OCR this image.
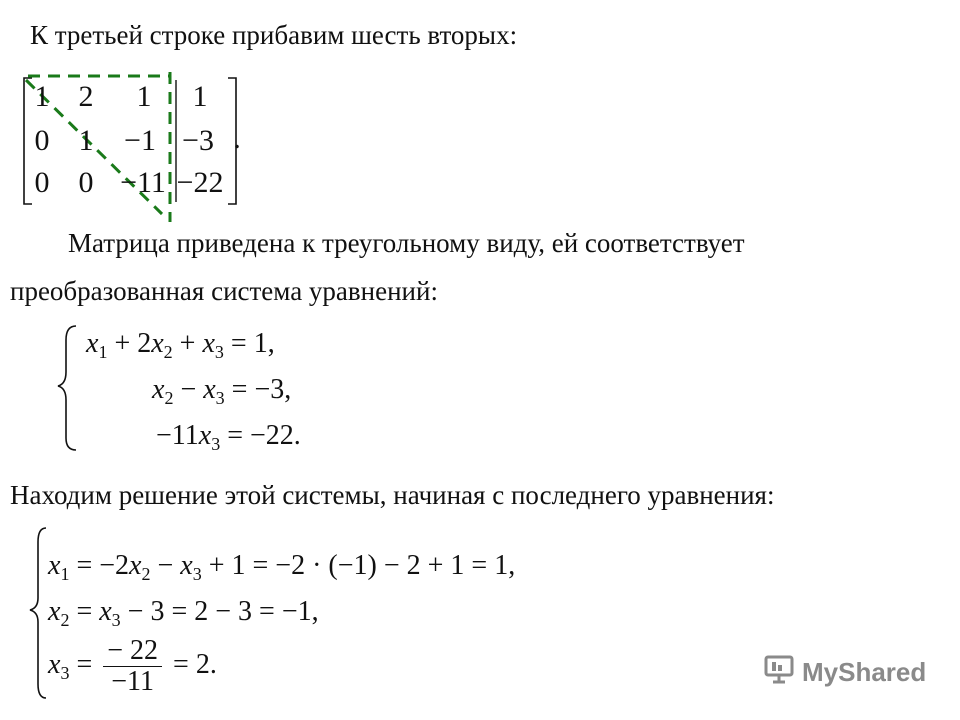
К третьей строке прибавим шесть вторых:
1 2	1	1
0 1	−1 −3
0 0 −11 −22
.
Матрица приведена к треугольному виду, ей соответствует
преобразованная система уравнений:
$x_1 + 2x_2 + x_3 = 1$,
$x_2 - x_3 = -3$,
$-11x_3 = -22$.
Находим решение этой системы, начиная с последнего уравнения:
$x_1 = -2x_2 - x_3 + 1 = -2 \cdot (-1) - 2 + 1 = 1$,
$x_2 = x_3 - 3 = 2 - 3 = -1$,
$x_3 = \frac{- 22}{-11} = 2$.	MyShared
